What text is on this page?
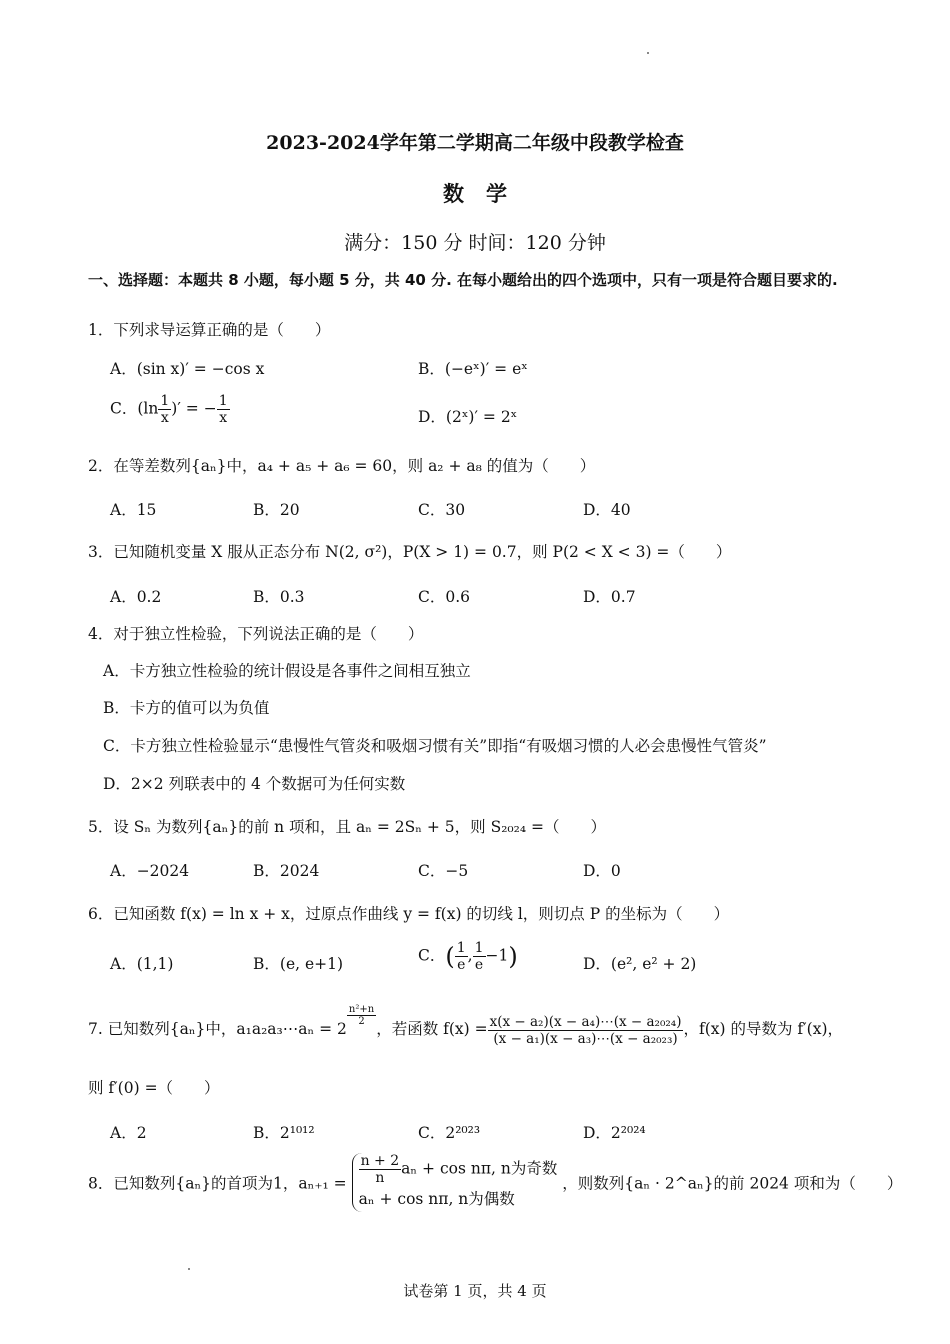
2023-2024学年第二学期高二年级中段教学检查
数学
满分：150 分 时间：120 分钟
一、选择题：本题共 8 小题，每小题 5 分，共 40 分. 在每小题给出的四个选项中，只有一项是符合题目要求的.
1．下列求导运算正确的是（　　）
A．(sin x)′ = −cos x	B．(−eˣ)′ = eˣ
C．($\ln \frac{1}{x}$ )′ = − $\frac{1}{x}$	D．(2ˣ)′ = 2ˣ
2．在等差数列{aₙ}中，a₄ + a₅ + a₆ = 60，则 a₂ + a₈ 的值为（　　）
A．15	B．20	C．30	D．40
3．已知随机变量 X 服从正态分布 N(2, σ²)，P(X > 1) = 0.7，则 P(2 < X < 3) =（　　）
A．0.2	B．0.3	C．0.6	D．0.7
4．对于独立性检验，下列说法正确的是（　　）
A．卡方独立性检验的统计假设是各事件之间相互独立
B．卡方的值可以为负值
C．卡方独立性检验显示“患慢性气管炎和吸烟习惯有关”即指“有吸烟习惯的人必会患慢性气管炎”
D．2×2 列联表中的 4 个数据可为任何实数
5．设 Sₙ 为数列{aₙ}的前 n 项和，且 aₙ = 2Sₙ + 5，则 S₂₀₂₄ =（　　）
A．−2024	B．2024	C．−5	D．0
6．已知函数 f(x) = ln x + x，过原点作曲线 y = f(x) 的切线 l，则切点 P 的坐标为（　　）
A．(1,1)	B．(e, e+1)	C．( $\frac{1}{e}$ , $\frac{1}{e} -1$)	D．(e², e² + 2)
7. 已知数列{aₙ}中，a₁a₂a₃⋯aₙ = 2
$^{\frac{\text{n²+n}}{2}}$
，若函数 $f(x) = \frac{\text{x(x − a₂)(x − a₄)⋯(x − a₂₀₂₄)}}{\text{(x − a₁)(x − a₃)⋯(x − a₂₀₂₃)}}$ ，f(x) 的导数为 f′(x)，
则 f′(0) =（　　）
A．2	B．2¹⁰¹²	C．2²⁰²³	D．2²⁰²⁴
8．已知数列{aₙ}的首项为1，$a_{n+1} = \frac{n + 2}{n}$ aₙ + cos nπ, n为奇数
aₙ + cos nπ, n为偶数
，则数列{aₙ · 2^aₙ}的前 2024 项和为（　　）
试卷第 1 页，共 4 页
